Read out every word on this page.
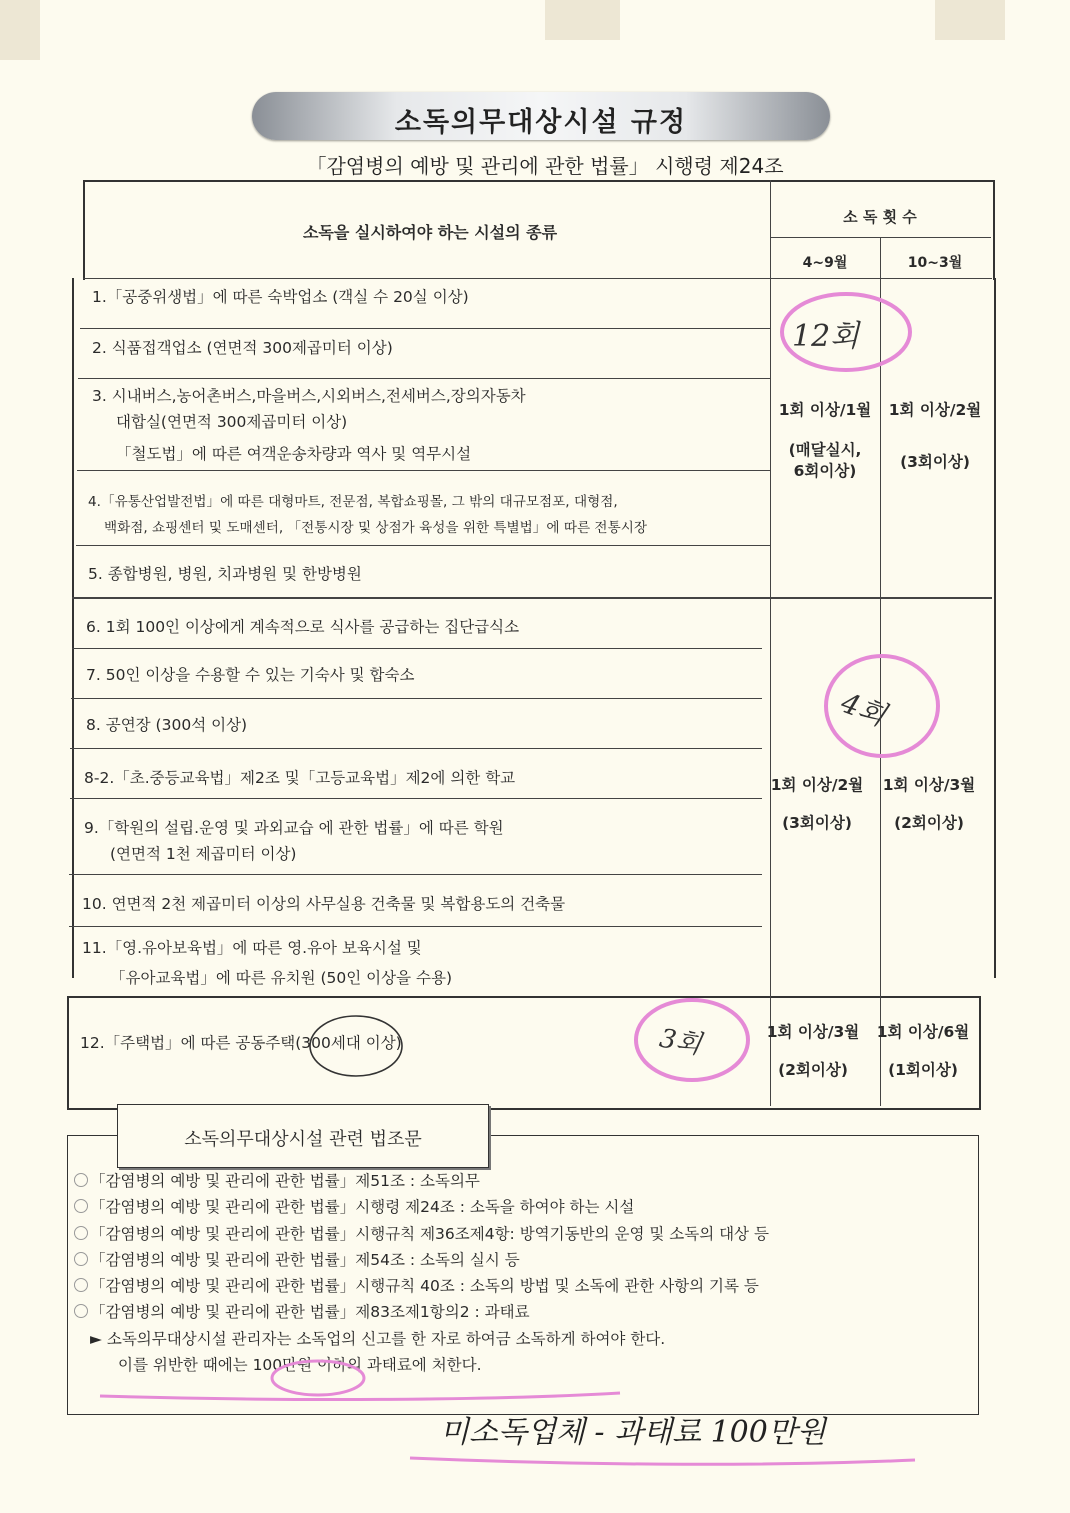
소독의무대상시설 규정
「감염병의 예방 및 관리에 관한 법률」 시행령 제24조
소독을 실시하여야 하는 시설의 종류
소 독 횟 수
4~9월	10~3월
1.「공중위생법」에 따른 숙박업소 (객실 수 20실 이상)
2. 식품접객업소 (연면적 300제곱미터 이상)
3. 시내버스,농어촌버스,마을버스,시외버스,전세버스,장의자동차
대합실(연면적 300제곱미터 이상)
「철도법」에 따른 여객운송차량과 역사 및 역무시설
4.「유통산업발전법」에 따른 대형마트, 전문점, 복합쇼핑몰, 그 밖의 대규모점포, 대형점,
백화점, 쇼핑센터 및 도매센터, 「전통시장 및 상점가 육성을 위한 특별법」에 따른 전통시장
5. 종합병원, 병원, 치과병원 및 한방병원
6. 1회 100인 이상에게 계속적으로 식사를 공급하는 집단급식소
7. 50인 이상을 수용할 수 있는 기숙사 및 합숙소
8. 공연장 (300석 이상)
8-2.「초.중등교육법」제2조 및「고등교육법」제2에 의한 학교
9.「학원의 설립.운영 및 과외교습 에 관한 법률」에 따른 학원
(연면적 1천 제곱미터 이상)
10. 연면적 2천 제곱미터 이상의 사무실용 건축물 및 복합용도의 건축물
11.「영.유아보육법」에 따른 영.유아 보육시설 및
「유아교육법」에 따른 유치원 (50인 이상을 수용)
12.「주택법」에 따른 공동주택(300세대 이상)
1회 이상/1월
(매달실시,
6회이상)
1회 이상/2월
(3회이상)
1회 이상/2월
(3회이상)
1회 이상/3월
(2회이상)
1회 이상/3월
(2회이상)
1회 이상/6월
(1회이상)
소독의무대상시설 관련 법조문
「감염병의 예방 및 관리에 관한 법률」제51조 : 소독의무
「감염병의 예방 및 관리에 관한 법률」시행령 제24조 : 소독을 하여야 하는 시설
「감염병의 예방 및 관리에 관한 법률」시행규칙 제36조제4항: 방역기동반의 운영 및 소독의 대상 등
「감염병의 예방 및 관리에 관한 법률」제54조 : 소독의 실시 등
「감염병의 예방 및 관리에 관한 법률」시행규칙 40조 : 소독의 방법 및 소독에 관한 사항의 기록 등
「감염병의 예방 및 관리에 관한 법률」제83조제1항의2 : 과태료
► 소독의무대상시설 관리자는 소독업의 신고를 한 자로 하여금 소독하게 하여야 한다.
이를 위반한 때에는 100만원 이하의 과태료에 처한다.
12회
4회
3회
미소독업체 - 과태료 100만원
